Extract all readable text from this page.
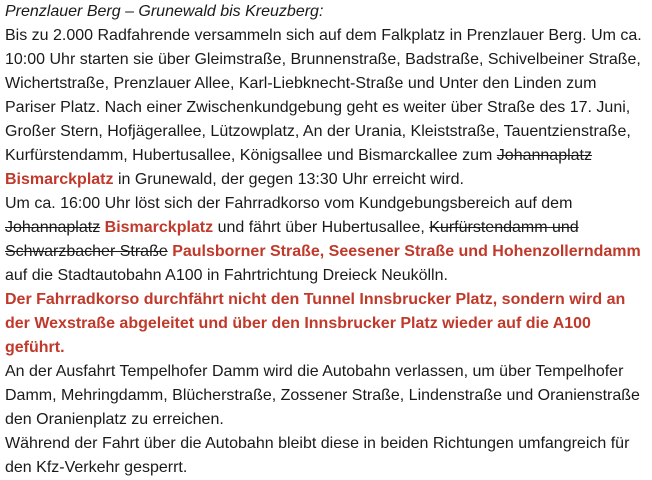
Prenzlauer Berg – Grunewald bis Kreuzberg:
Bis zu 2.000 Radfahrende versammeln sich auf dem Falkplatz in Prenzlauer Berg. Um ca.
10:00 Uhr starten sie über Gleimstraße, Brunnenstraße, Badstraße, Schivelbeiner Straße,
Wichertstraße, Prenzlauer Allee, Karl-Liebknecht-Straße und Unter den Linden zum
Pariser Platz. Nach einer Zwischenkundgebung geht es weiter über Straße des 17. Juni,
Großer Stern, Hofjägerallee, Lützowplatz, An der Urania, Kleiststraße, Tauentzienstraße,
Kurfürstendamm, Hubertusallee, Königsallee und Bismarckallee zum Johannaplatz
Bismarckplatz in Grunewald, der gegen 13:30 Uhr erreicht wird.
Um ca. 16:00 Uhr löst sich der Fahrradkorso vom Kundgebungsbereich auf dem
Johannaplatz Bismarckplatz und fährt über Hubertusallee, Kurfürstendamm und
Schwarzbacher Straße Paulsborner Straße, Seesener Straße und Hohenzollerndamm
auf die Stadtautobahn A100 in Fahrtrichtung Dreieck Neukölln.
Der Fahrradkorso durchfährt nicht den Tunnel Innsbrucker Platz, sondern wird an
der Wexstraße abgeleitet und über den Innsbrucker Platz wieder auf die A100
geführt.
An der Ausfahrt Tempelhofer Damm wird die Autobahn verlassen, um über Tempelhofer
Damm, Mehringdamm, Blücherstraße, Zossener Straße, Lindenstraße und Oranienstraße
den Oranienplatz zu erreichen.
Während der Fahrt über die Autobahn bleibt diese in beiden Richtungen umfangreich für
den Kfz-Verkehr gesperrt.
